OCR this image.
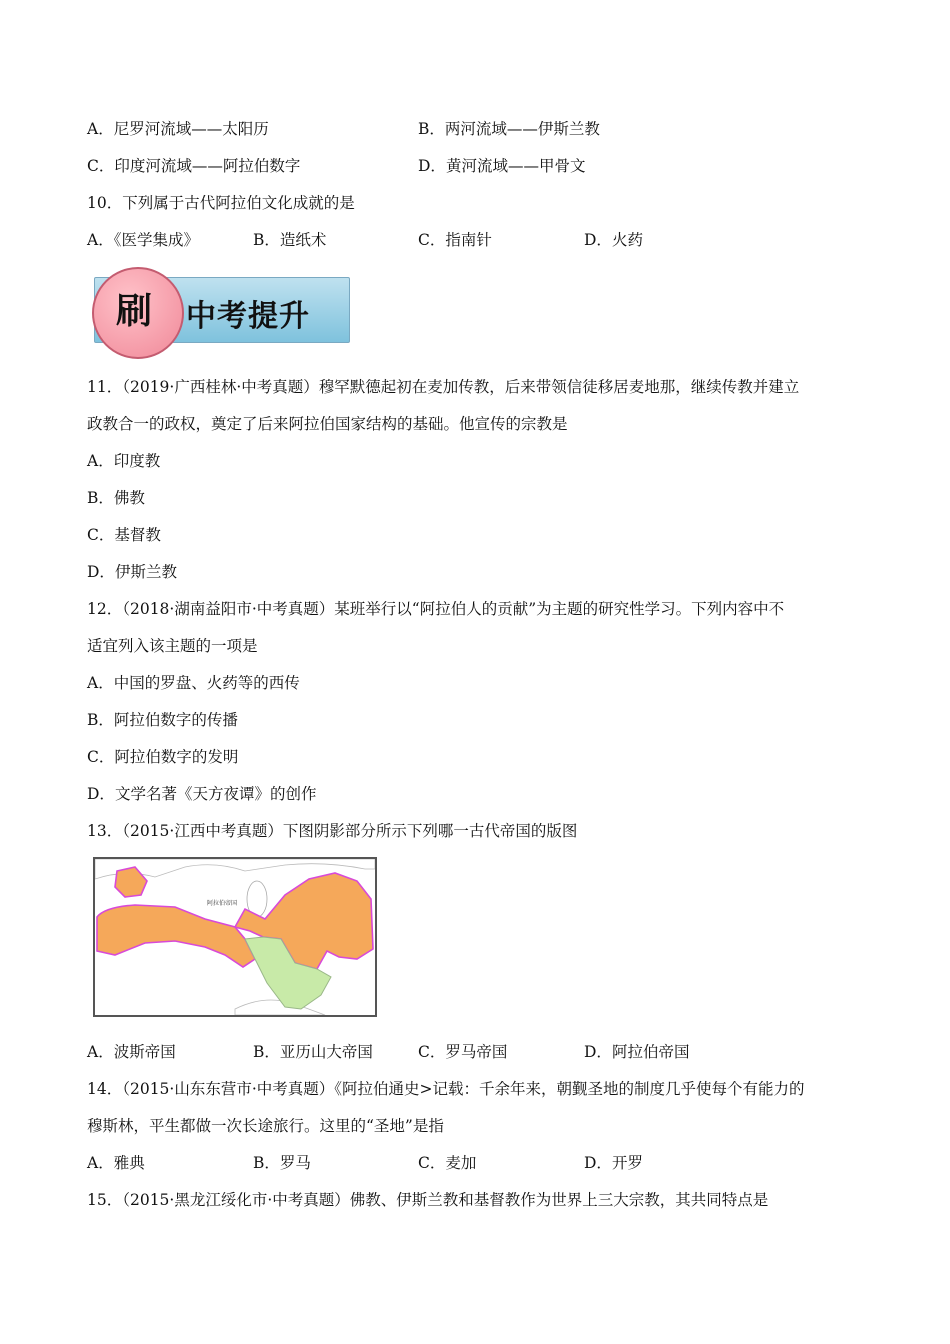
A．尼罗河流域——太阳历	B．两河流域——伊斯兰教
C．印度河流域——阿拉伯数字	D．黄河流域——甲骨文
10．下列属于古代阿拉伯文化成就的是
A．《医学集成》	B．造纸术	C．指南针	D．火药
刷 中考提升
11．（2019·广西桂林·中考真题）穆罕默德起初在麦加传教，后来带领信徒移居麦地那，继续传教并建立
政教合一的政权，奠定了后来阿拉伯国家结构的基础。他宣传的宗教是
A．印度教
B．佛教
C．基督教
D．伊斯兰教
12．（2018·湖南益阳市·中考真题）某班举行以“阿拉伯人的贡献”为主题的研究性学习。下列内容中不
适宜列入该主题的一项是
A．中国的罗盘、火药等的西传
B．阿拉伯数字的传播
C．阿拉伯数字的发明
D．文学名著《天方夜谭》的创作
13．（2015·江西中考真题）下图阴影部分所示下列哪一古代帝国的版图
阿拉伯帝国
A．波斯帝国	B．亚历山大帝国	C．罗马帝国	D．阿拉伯帝国
14．（2015·山东东营市·中考真题）《阿拉伯通史>记载：千余年来，朝觐圣地的制度几乎使每个有能力的
穆斯林，平生都做一次长途旅行。这里的“圣地”是指
A．雅典	B．罗马	C．麦加	D．开罗
15．（2015·黑龙江绥化市·中考真题）佛教、伊斯兰教和基督教作为世界上三大宗教，其共同特点是
